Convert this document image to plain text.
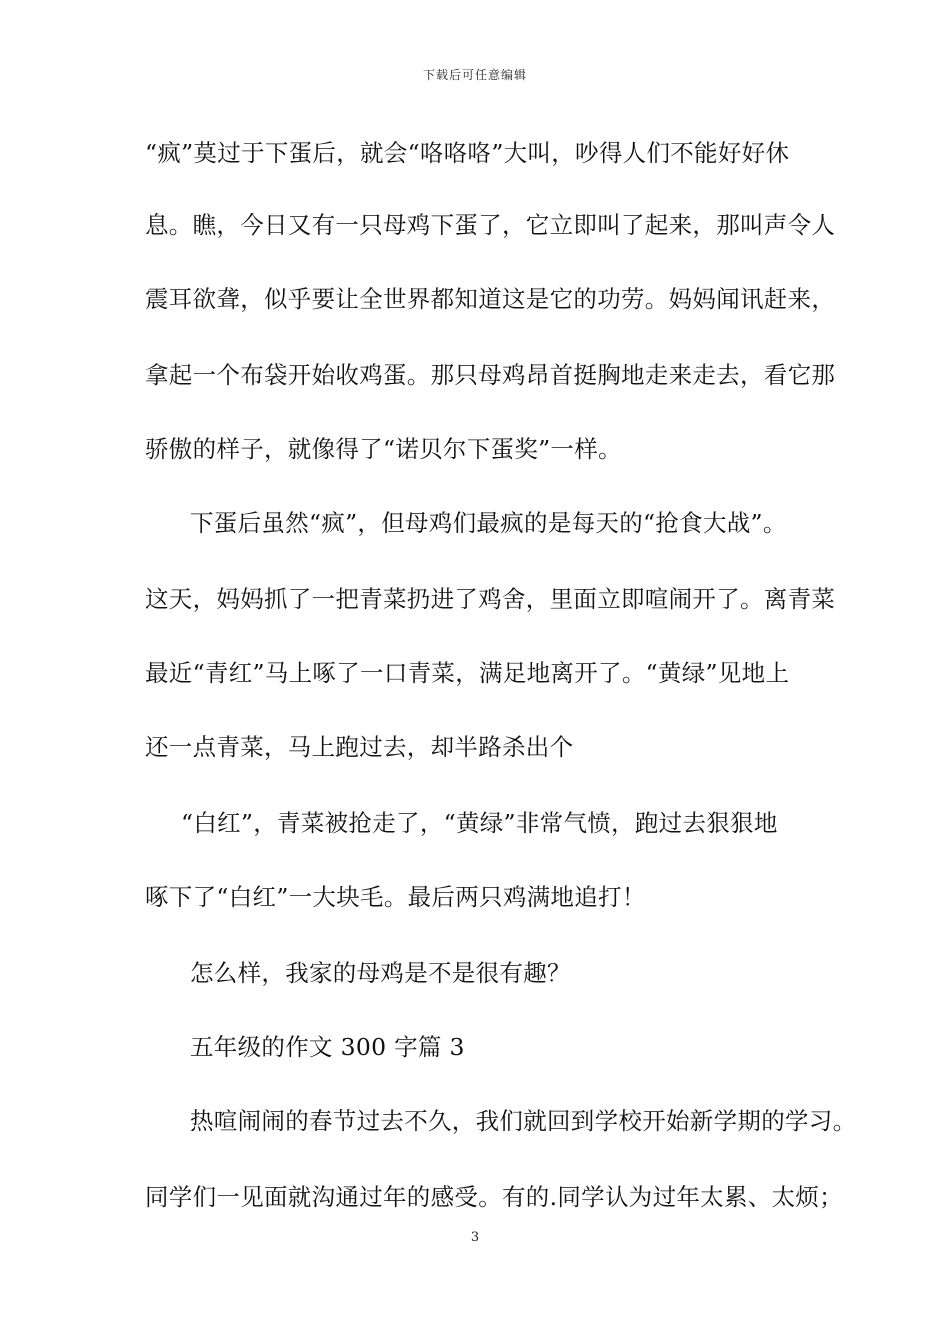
下载后可任意编辑
“疯”莫过于下蛋后，就会“咯咯咯”大叫，吵得人们不能好好休
息。瞧，今日又有一只母鸡下蛋了，它立即叫了起来，那叫声令人
震耳欲聋，似乎要让全世界都知道这是它的功劳。妈妈闻讯赶来，
拿起一个布袋开始收鸡蛋。那只母鸡昂首挺胸地走来走去，看它那
骄傲的样子，就像得了“诺贝尔下蛋奖”一样。
下蛋后虽然“疯”，但母鸡们最疯的是每天的“抢食大战”。
这天，妈妈抓了一把青菜扔进了鸡舍，里面立即喧闹开了。离青菜
最近“青红”马上啄了一口青菜，满足地离开了。“黄绿”见地上
还一点青菜，马上跑过去，却半路杀出个
“白红”，青菜被抢走了，“黄绿”非常气愤，跑过去狠狠地
啄下了“白红”一大块毛。最后两只鸡满地追打！
怎么样，我家的母鸡是不是很有趣？
五年级的作文 300 字篇 3
热喧闹闹的春节过去不久，我们就回到学校开始新学期的学习。
同学们一见面就沟通过年的感受。有的.同学认为过年太累、太烦；
3
